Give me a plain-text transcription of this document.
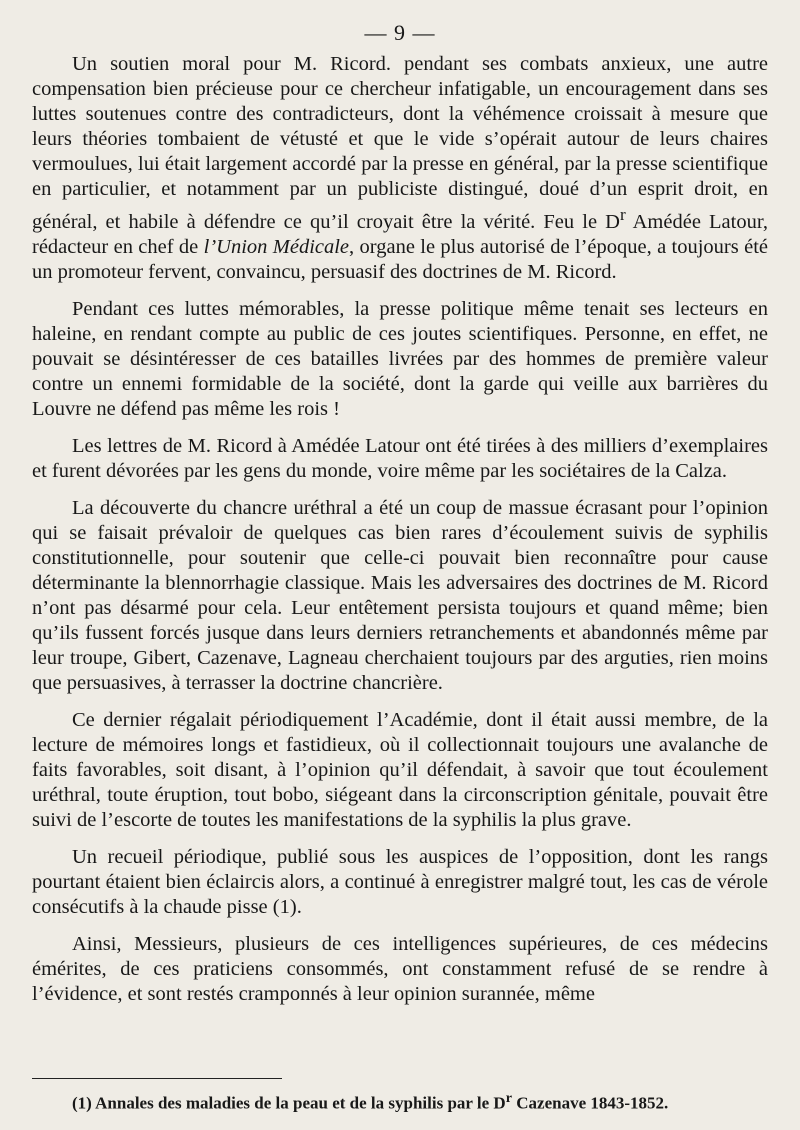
— 9 —

Un soutien moral pour M. Ricord. pendant ses combats anxieux, une autre compensation bien précieuse pour ce chercheur infatigable, un encouragement dans ses luttes soutenues contre des contradicteurs, dont la véhémence croissait à mesure que leurs théories tombaient de vétusté et que le vide s’opérait autour de leurs chaires vermoulues, lui était largement accordé par la presse en général, par la presse scientifique en particulier, et notamment par un publiciste distingué, doué d’un esprit droit, en général, et habile à défendre ce qu’il croyait être la vérité. Feu le $D^r$ Amédée Latour, rédacteur en chef de l’Union Médicale, organe le plus autorisé de l’époque, a toujours été un promoteur fervent, convaincu, persuasif des doctrines de M. Ricord.

Pendant ces luttes mémorables, la presse politique même tenait ses lecteurs en haleine, en rendant compte au public de ces joutes scientifiques. Personne, en effet, ne pouvait se désintéresser de ces batailles livrées par des hommes de première valeur contre un ennemi formidable de la société, dont la garde qui veille aux barrières du Louvre ne défend pas même les rois !

Les lettres de M. Ricord à Amédée Latour ont été tirées à des milliers d’exemplaires et furent dévorées par les gens du monde, voire même par les sociétaires de la Calza.

La découverte du chancre uréthral a été un coup de massue écrasant pour l’opinion qui se faisait prévaloir de quelques cas bien rares d’écoulement suivis de syphilis constitutionnelle, pour soutenir que celle-ci pouvait bien reconnaître pour cause déterminante la blennorrhagie classique. Mais les adversaires des doctrines de M. Ricord n’ont pas désarmé pour cela. Leur entêtement persista toujours et quand même; bien qu’ils fussent forcés jusque dans leurs derniers retranchements et abandonnés même par leur troupe, Gibert, Cazenave, Lagneau cherchaient toujours par des arguties, rien moins que persuasives, à terrasser la doctrine chancrière.

Ce dernier régalait périodiquement l’Académie, dont il était aussi membre, de la lecture de mémoires longs et fastidieux, où il collectionnait toujours une avalanche de faits favorables, soit disant, à l’opinion qu’il défendait, à savoir que tout écoulement uréthral, toute éruption, tout bobo, siégeant dans la circonscription génitale, pouvait être suivi de l’escorte de toutes les manifestations de la syphilis la plus grave.

Un recueil périodique, publié sous les auspices de l’opposition, dont les rangs pourtant étaient bien éclaircis alors, a continué à enregistrer malgré tout, les cas de vérole consécutifs à la chaude pisse (1).

Ainsi, Messieurs, plusieurs de ces intelligences supérieures, de ces médecins émérites, de ces praticiens consommés, ont constamment refusé de se rendre à l’évidence, et sont restés cramponnés à leur opinion surannée, même

(1) Annales des maladies de la peau et de la syphilis par le $D^r$ Cazenave 1843-1852.
